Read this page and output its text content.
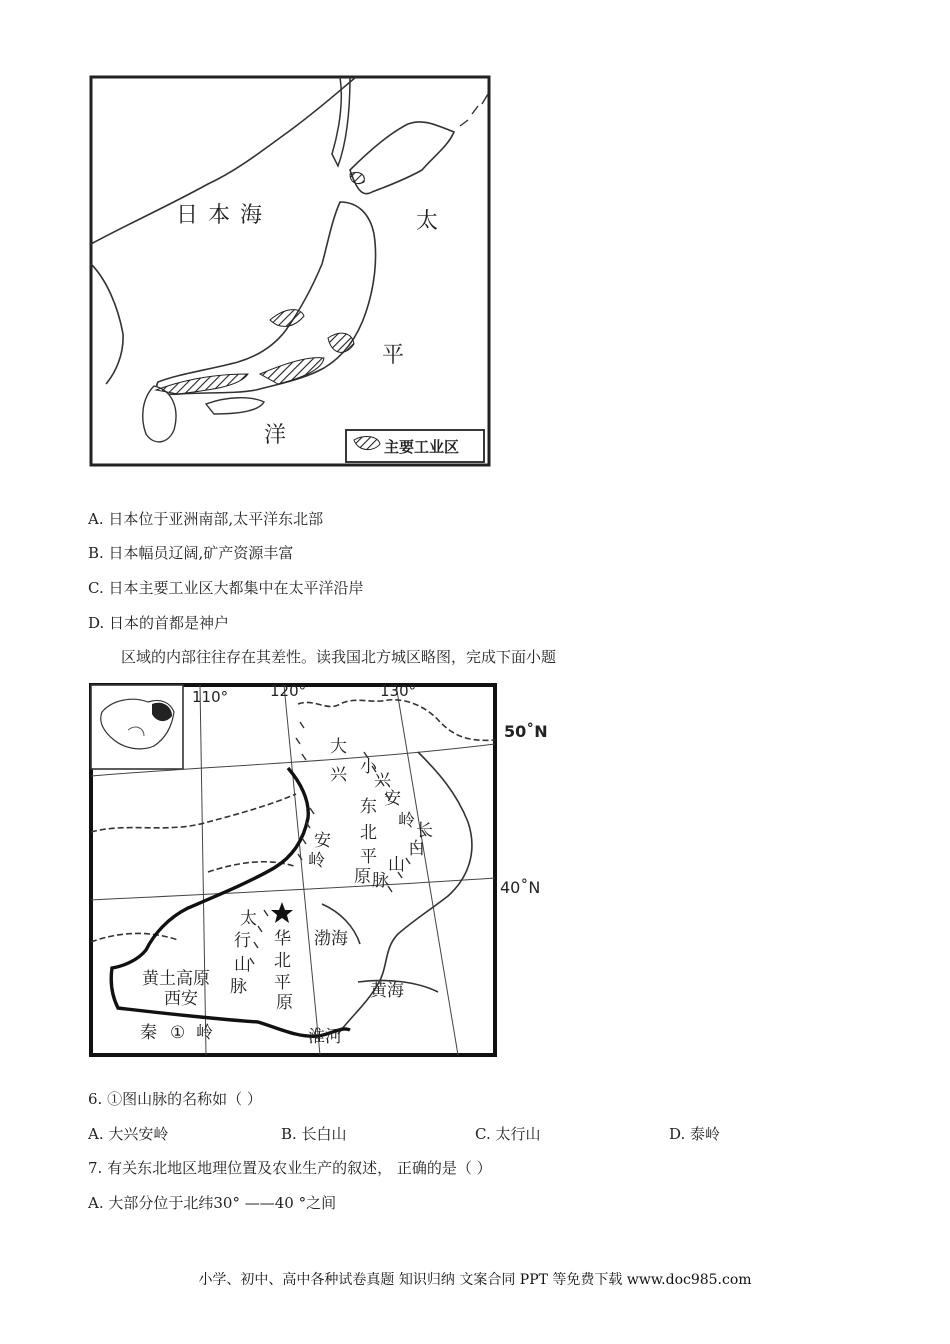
日本海	太
平
洋	主要工业区
A. 日本位于亚洲南部,太平洋东北部
B. 日本幅员辽阔,矿产资源丰富
C. 日本主要工业区大都集中在太平洋沿岸
D. 日本的首都是神户
区域的内部往往存在其差性。读我国北方城区略图，完成下面小题
110°	120°	130°
大
兴
安
岭
小
兴
安
岭
东
北
平
原
长
白
山
脉
太
行
山
脉
华
北
平
原
渤海
黄海
黄土高原
西安
秦 ① 岭	淮河
50˚N
40˚N
6. ①图山脉的名称如（ ）
A. 大兴安岭	B. 长白山	C. 太行山	D. 泰岭
7. 有关东北地区地理位置及农业生产的叙述， 正确的是（ ）
A. 大部分位于北纬30° ——40 °之间
小学、初中、高中各种试卷真题 知识归纳 文案合同 PPT 等免费下载 www.doc985.com
